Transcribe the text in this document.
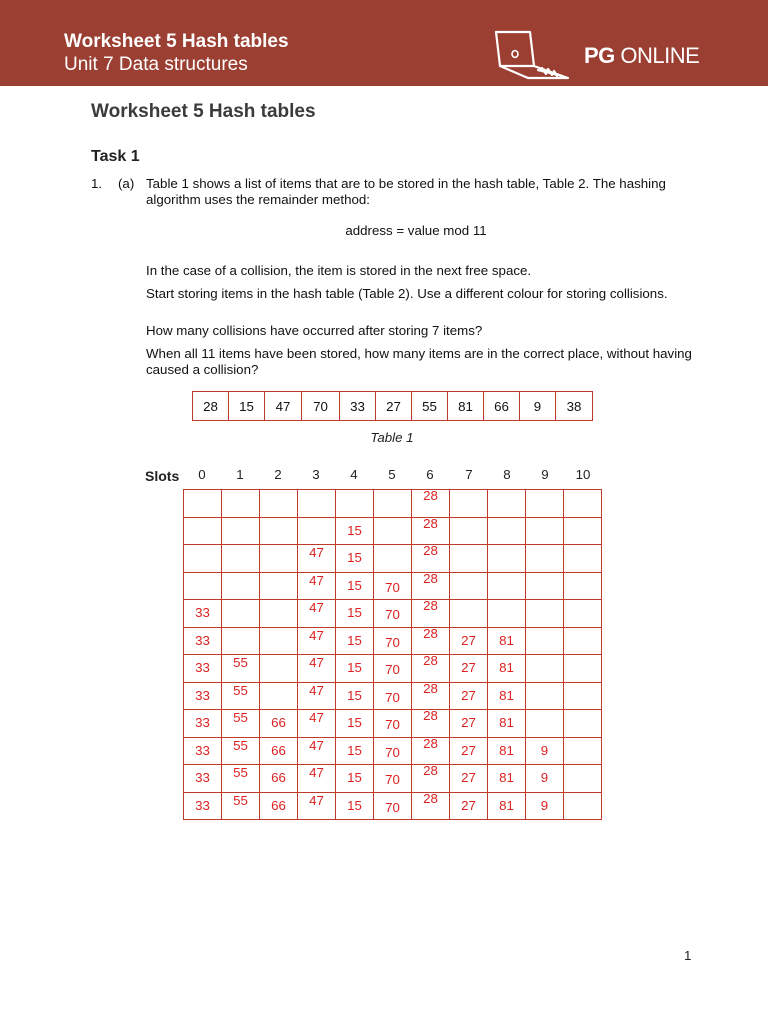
Worksheet 5 Hash tables
Unit 7 Data structures	PG ONLINE
Worksheet 5 Hash tables
Task 1
1. (a) Table 1 shows a list of items that are to be stored in the hash table, Table 2. The hashing algorithm uses the remainder method:
address = value mod 11
In the case of a collision, the item is stored in the next free space.
Start storing items in the hash table (Table 2). Use a different colour for storing collisions.
How many collisions have occurred after storing 7 items?
When all 11 items have been stored, how many items are in the correct place, without having caused a collision?
28	15	47	70	33	27	55	81	66	9	38
Table 1
Slots	0	1	2	3	4	5	6	7	8	9	10

						28				

				15		28				

			47	15		28				

			47	15	70	28				

33			47	15	70	28				

33			47	15	70	28	27	81		

33	55		47	15	70	28	27	81		

33	55		47	15	70	28	27	81		

33	55	66	47	15	70	28	27	81		

33	55	66	47	15	70	28	27	81	9	

33	55	66	47	15	70	28	27	81	9	

33	55	66	47	15	70	28	27	81	9	

1
